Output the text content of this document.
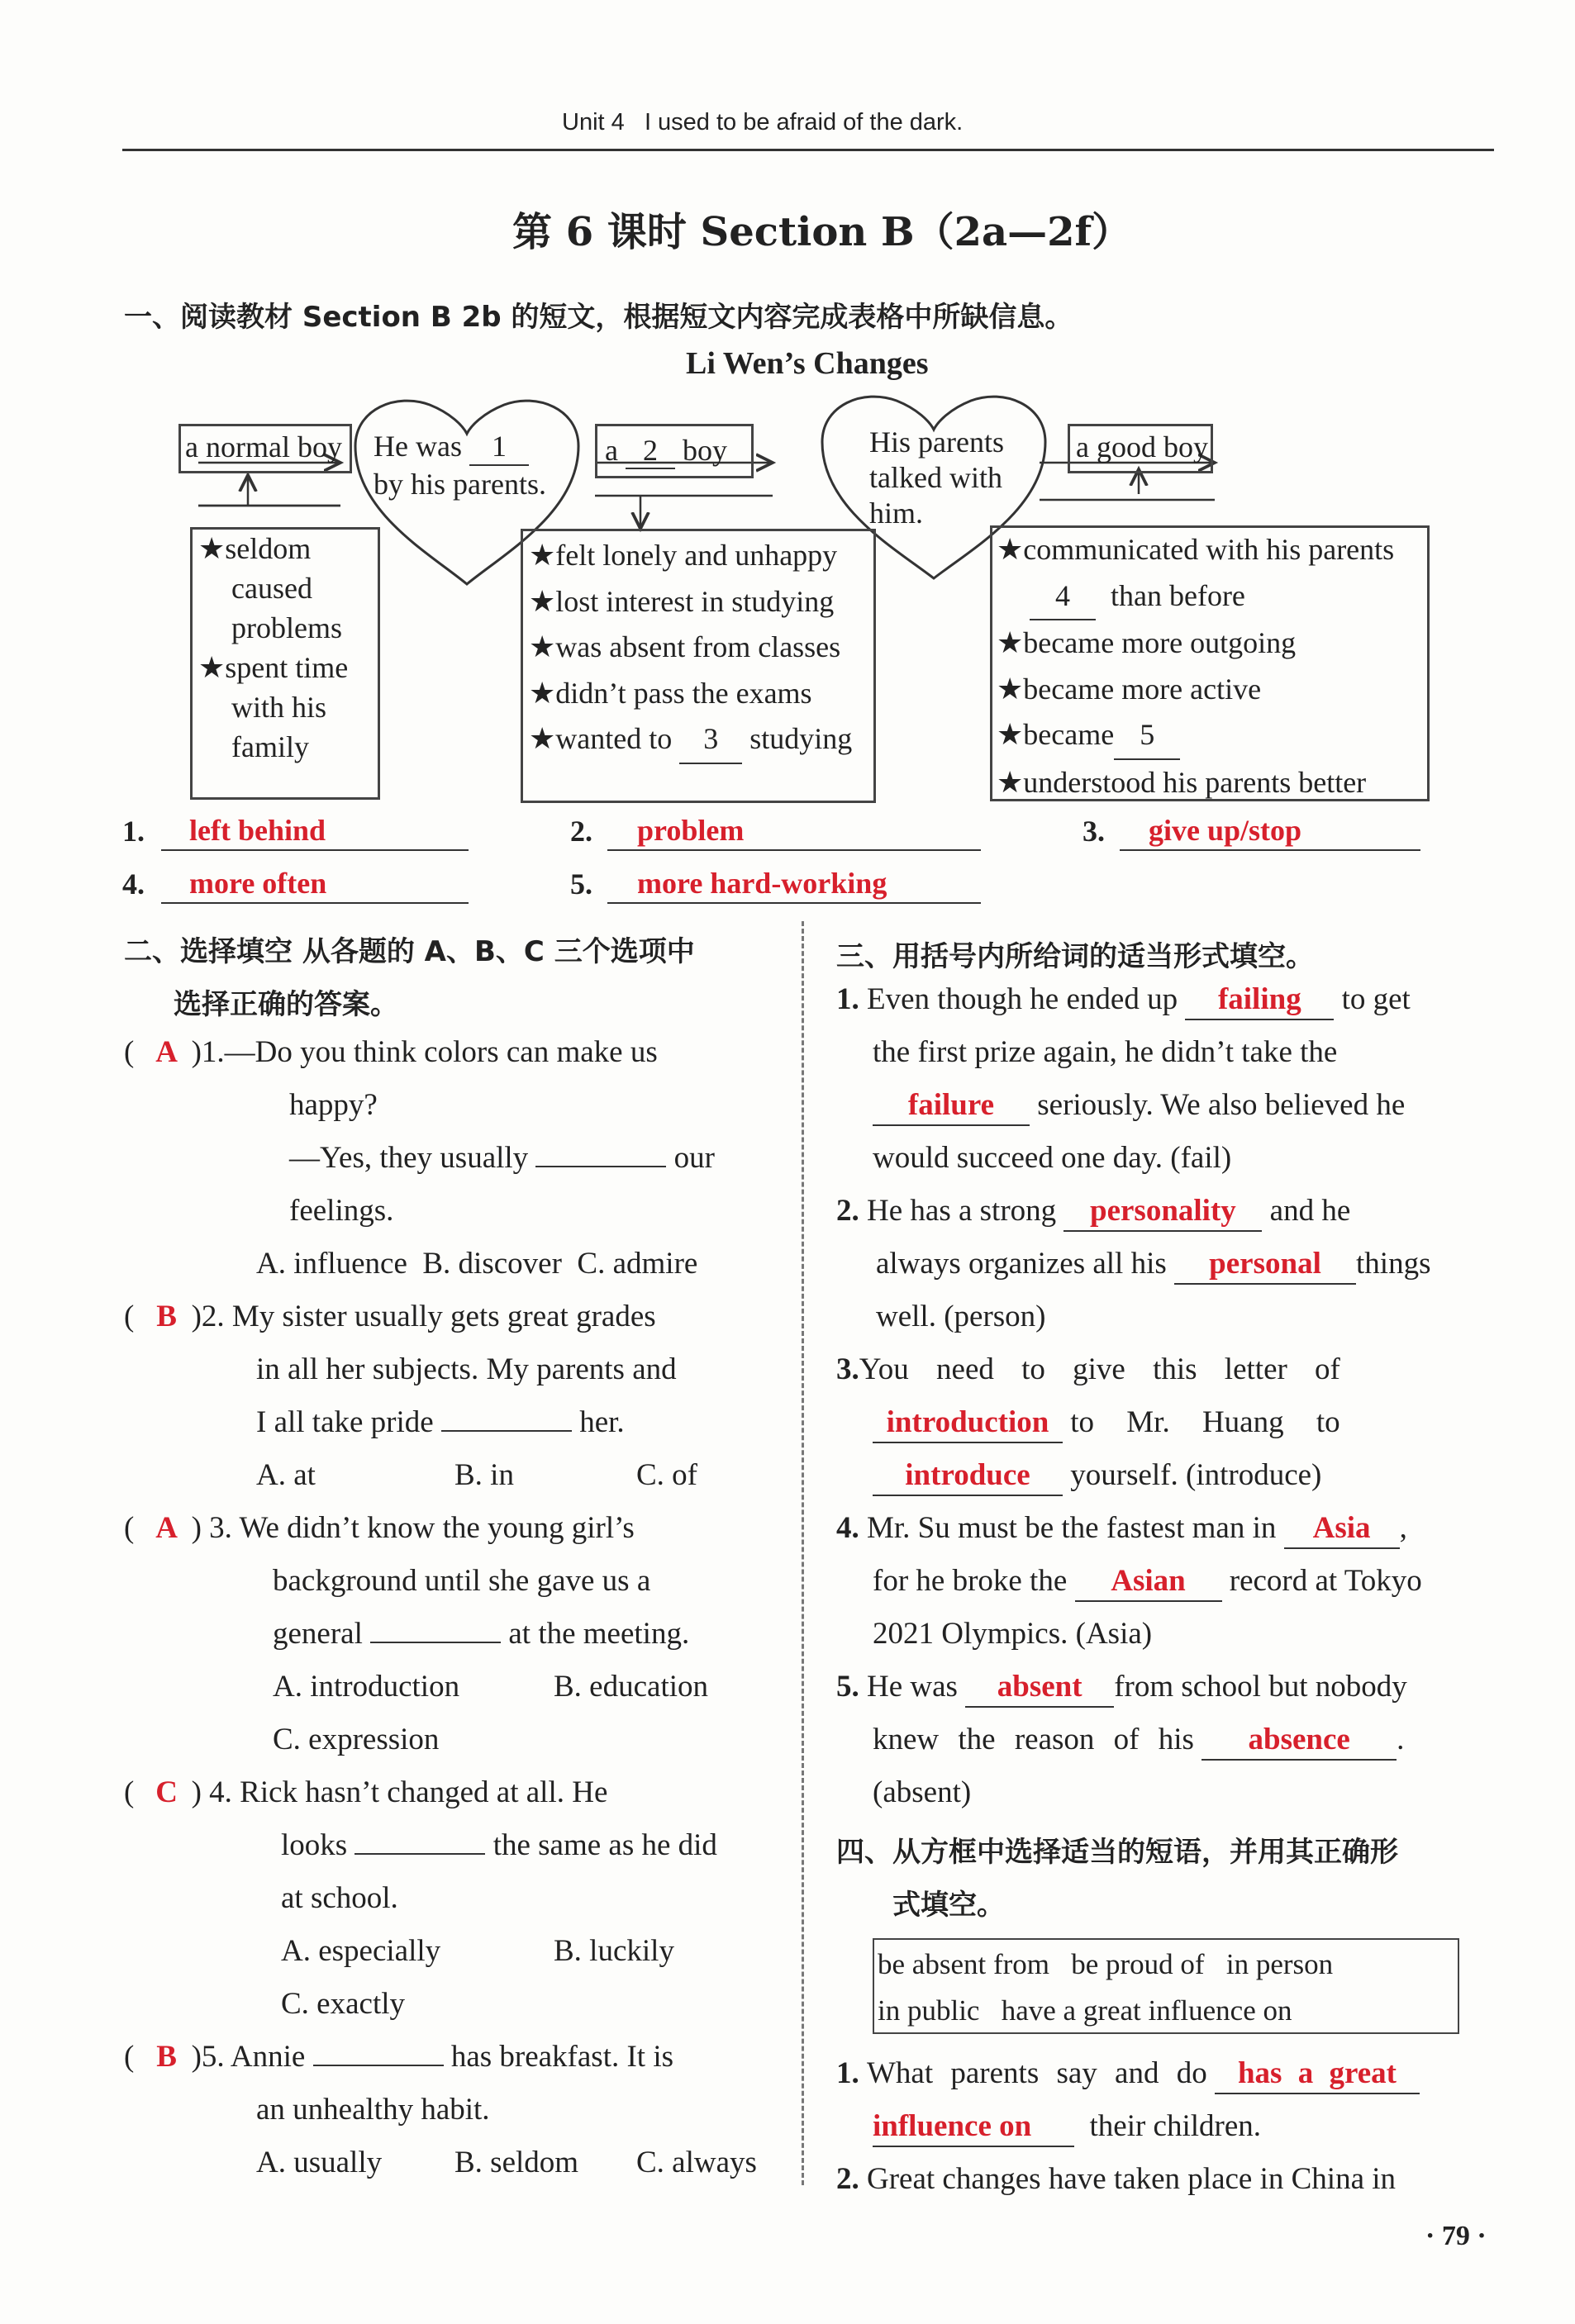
Unit 4 I used to be afraid of the dark.
第 6 课时 Section B（2a—2f）
一、阅读教材 Section B 2b 的短文，根据短文内容完成表格中所缺信息。
Li Wen’s Changes
a normal boy
★seldom
caused
problems
★spent time
with his
family
He was 1
by his parents.
a 2 boy
★felt lonely and unhappy
★lost interest in studying
★was absent from classes
★didn’t pass the exams
★wanted to 3 studying
His parents
talked with
him.
a good boy
★communicated with his parents
4 than before
★became more outgoing
★became more active
★became 5
★understood his parents better
1.	left behind	2.	problem	3.	give up/stop
4.	more often	5.	more hard-working
二、选择填空 从各题的 A、B、C 三个选项中
选择正确的答案。
( A )1.—Do you think colors can make us
happy?
—Yes, they usually	our
feelings.
A. influence B. discover C. admire
( B )2. My sister usually gets great grades
in all her subjects. My parents and
I all take pride	her.
A. at	B. in	C. of
( A ) 3. We didn’t know the young girl’s
background until she gave us a
general	at the meeting.
A. introduction	B. education
C. expression
( C ) 4. Rick hasn’t changed at all. He
looks	the same as he did
at school.
A. especially	B. luckily
C. exactly
( B )5. Annie	has breakfast. It is
an unhealthy habit.
A. usually B. seldom C. always
三、用括号内所给词的适当形式填空。
1. Even though he ended up failing to get
the first prize again, he didn’t take the
failure seriously. We also believed he
would succeed one day. (fail)
2. He has a strong personality and he
always organizes all his personal things
well. (person)
3.You need to give this letter of
introduction to Mr. Huang to
introduce yourself. (introduce)
4. Mr. Su must be the fastest man in Asia ,
for he broke the Asian record at Tokyo
2021 Olympics. (Asia)
5. He was absent from school but nobody
knew the reason of his absence .
(absent)
四、从方框中选择适当的短语，并用其正确形
式填空。
be absent from be proud of in person
in public have a great influence on
1. What parents say and do has a great
influence on their children.
2. Great changes have taken place in China in
· 79 ·
